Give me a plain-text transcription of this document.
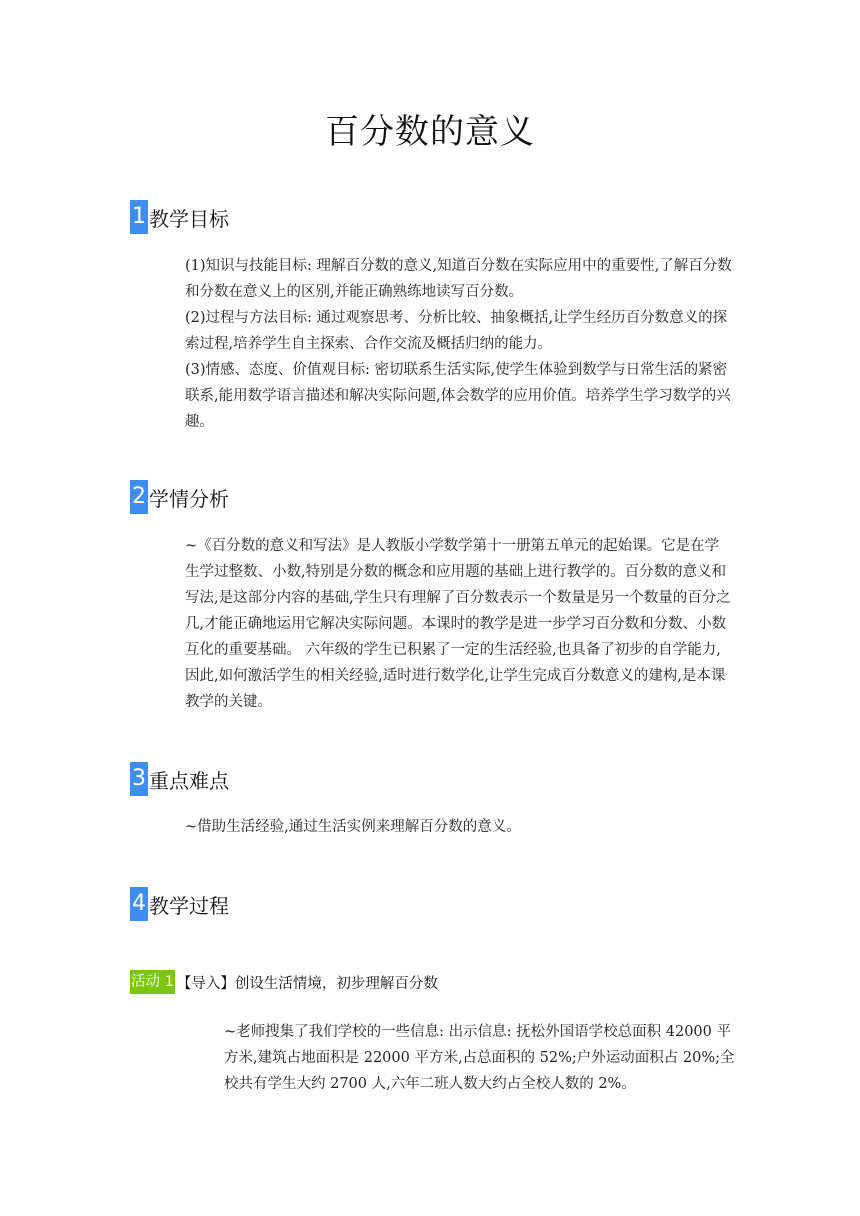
百分数的意义
1 教学目标

(1)知识与技能目标: 理解百分数的意义,知道百分数在实际应用中的重要性,了解百分数和分数在意义上的区别,并能正确熟练地读写百分数。

(2)过程与方法目标: 通过观察思考、分析比较、抽象概括,让学生经历百分数意义的探索过程,培养学生自主探索、合作交流及概括归纳的能力。

(3)情感、态度、价值观目标: 密切联系生活实际,使学生体验到数学与日常生活的紧密联系,能用数学语言描述和解决实际问题,体会数学的应用价值。培养学生学习数学的兴趣。

2 学情分析

~《百分数的意义和写法》是人教版小学数学第十一册第五单元的起始课。它是在学生学过整数、小数,特别是分数的概念和应用题的基础上进行教学的。百分数的意义和写法,是这部分内容的基础,学生只有理解了百分数表示一个数量是另一个数量的百分之几,才能正确地运用它解决实际问题。本课时的教学是进一步学习百分数和分数、小数互化的重要基础。 六年级的学生已积累了一定的生活经验,也具备了初步的自学能力,因此,如何激活学生的相关经验,适时进行数学化,让学生完成百分数意义的建构,是本课教学的关键。

3 重点难点

~借助生活经验,通过生活实例来理解百分数的意义。

4 教学过程
活动 1 【导入】创设生活情境，初步理解百分数

~老师搜集了我们学校的一些信息: 出示信息: 抚松外国语学校总面积 42000 平方米,建筑占地面积是 22000 平方米,占总面积的 52%;户外运动面积占 20%;全校共有学生大约 2700 人,六年二班人数大约占全校人数的 2%。
